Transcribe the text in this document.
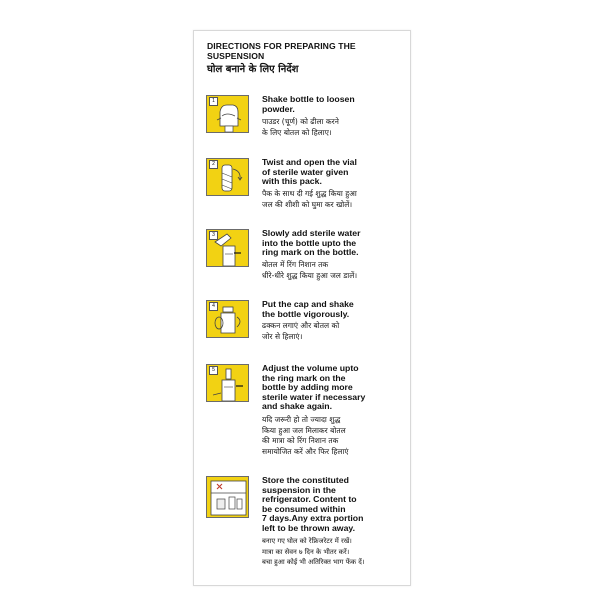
DIRECTIONS FOR PREPARING THE
SUSPENSION
घोल बनाने के लिए निर्देश
1	Shake bottle to loosen
powder.
पाउडर (चूर्ण) को ढीला करने
के लिए बोतल को हिलाए।
2	Twist and open the vial
of sterile water given
with this pack.
पैक के साथ दी गई शुद्ध किया हुआ
जल की शीशी को घुमा कर खोलें।
3	Slowly add sterile water
into the bottle upto the
ring mark on the bottle.
बोतल में रिंग निशान तक
धीरे-धीरे शुद्ध किया हुआ जल डालें।
4	Put the cap and shake
the bottle vigorously.
ढक्कन लगाएं और बोतल को
जोर से हिलाएं।
5	Adjust the volume upto
the ring mark on the
bottle by adding more
sterile water if necessary
and shake again.
यदि जरूरी हो तो ज्यादा शुद्ध
किया हुआ जल मिलाकर बोतल
की मात्रा को रिंग निशान तक
समायोजित करें और फिर हिलाएं
Store the constituted
suspension in the
refrigerator. Content to
be consumed within
7 days.Any extra portion
left to be thrown away.
बनाए गए घोल को रेफ्रिजरेटर में रखें।
मात्रा का सेवन ७ दिन के भीतर करें।
बचा हुआ कोई भी अतिरिक्त भाग फेंक दें।
